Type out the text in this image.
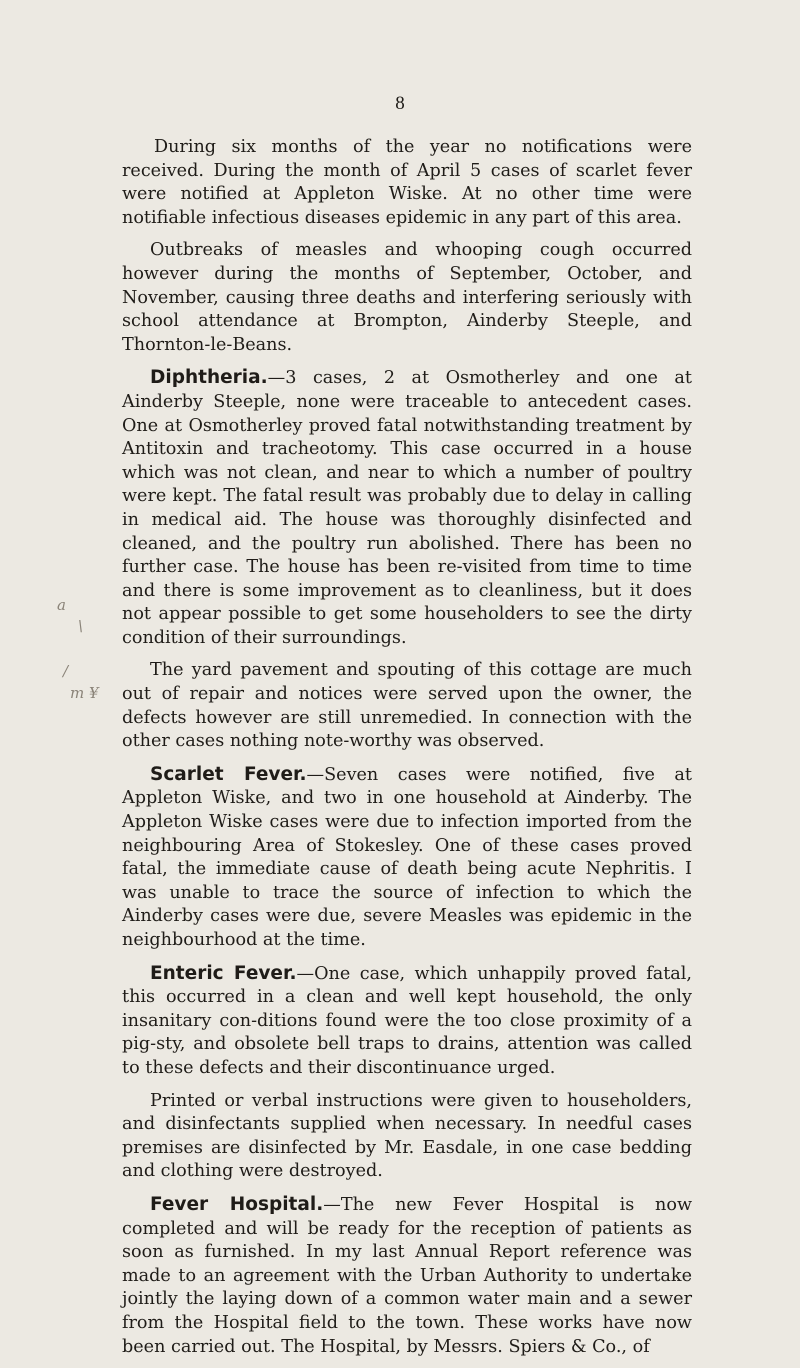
8
a
\
/
m ¥

During six months of the year no notifications were received. During the month of April 5 cases of scarlet fever were notified at Appleton Wiske. At no other time were notifiable infectious diseases epidemic in any part of this area.

Outbreaks of measles and whooping cough occurred however during the months of September, October, and November, causing three deaths and interfering seriously with school attendance at Brompton, Ainderby Steeple, and Thornton-le-Beans.

Diphtheria.—3 cases, 2 at Osmotherley and one at Ainderby Steeple, none were traceable to antecedent cases. One at Osmotherley proved fatal notwithstanding treatment by Antitoxin and tracheotomy. This case occurred in a house which was not clean, and near to which a number of poultry were kept. The fatal result was probably due to delay in calling in medical aid. The house was thoroughly disinfected and cleaned, and the poultry run abolished. There has been no further case. The house has been re-visited from time to time and there is some improvement as to cleanliness, but it does not appear possible to get some householders to see the dirty condition of their surroundings.

The yard pavement and spouting of this cottage are much out of repair and notices were served upon the owner, the defects however are still unremedied. In connection with the other cases nothing note-worthy was observed.

Scarlet Fever.—Seven cases were notified, five at Appleton Wiske, and two in one household at Ainderby. The Appleton Wiske cases were due to infection imported from the neighbouring Area of Stokesley. One of these cases proved fatal, the immediate cause of death being acute Nephritis. I was unable to trace the source of infection to which the Ainderby cases were due, severe Measles was epidemic in the neighbourhood at the time.

Enteric Fever.—One case, which unhappily proved fatal, this occurred in a clean and well kept household, the only insanitary con-ditions found were the too close proximity of a pig-sty, and obsolete bell traps to drains, attention was called to these defects and their discontinuance urged.

Printed or verbal instructions were given to householders, and disinfectants supplied when necessary. In needful cases premises are disinfected by Mr. Easdale, in one case bedding and clothing were destroyed.

Fever Hospital.—The new Fever Hospital is now completed and will be ready for the reception of patients as soon as furnished. In my last Annual Report reference was made to an agreement with the Urban Authority to undertake jointly the laying down of a common water main and a sewer from the Hospital field to the town. These works have now been carried out. The Hospital, by Messrs. Spiers & Co., of
